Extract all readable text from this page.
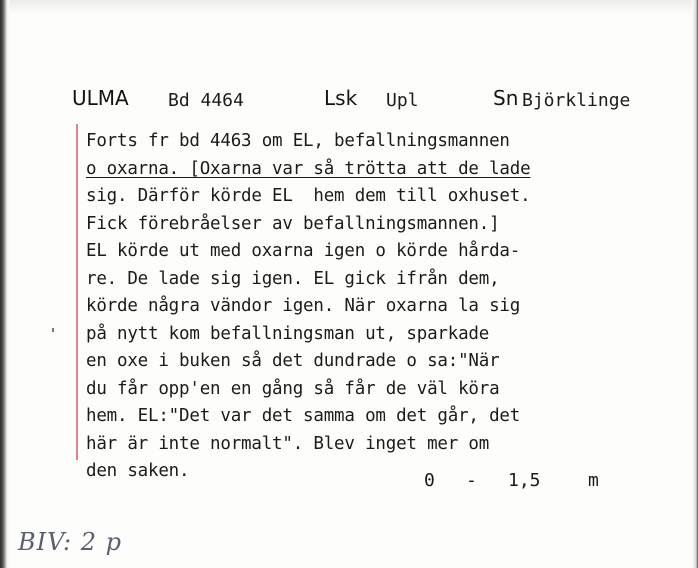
ULMA Bd 4464	Lsk Upl	Sn Björklinge
Forts fr bd 4463 om EL, befallningsmannen
o oxarna. [Oxarna var så trötta att de lade
sig. Därför körde EL  hem dem till oxhuset.
Fick förebråelser av befallningsmannen.]
EL körde ut med oxarna igen o körde hårda-
re. De lade sig igen. EL gick ifrån dem,
körde några vändor igen. När oxarna la sig
på nytt kom befallningsman ut, sparkade
en oxe i buken så det dundrade o sa:"När
du får opp'en en gång så får de väl köra
hem. EL:"Det var det samma om det går, det
här är inte normalt". Blev inget mer om
den saken.	0 - 1,5	m
BIV: 2 p
